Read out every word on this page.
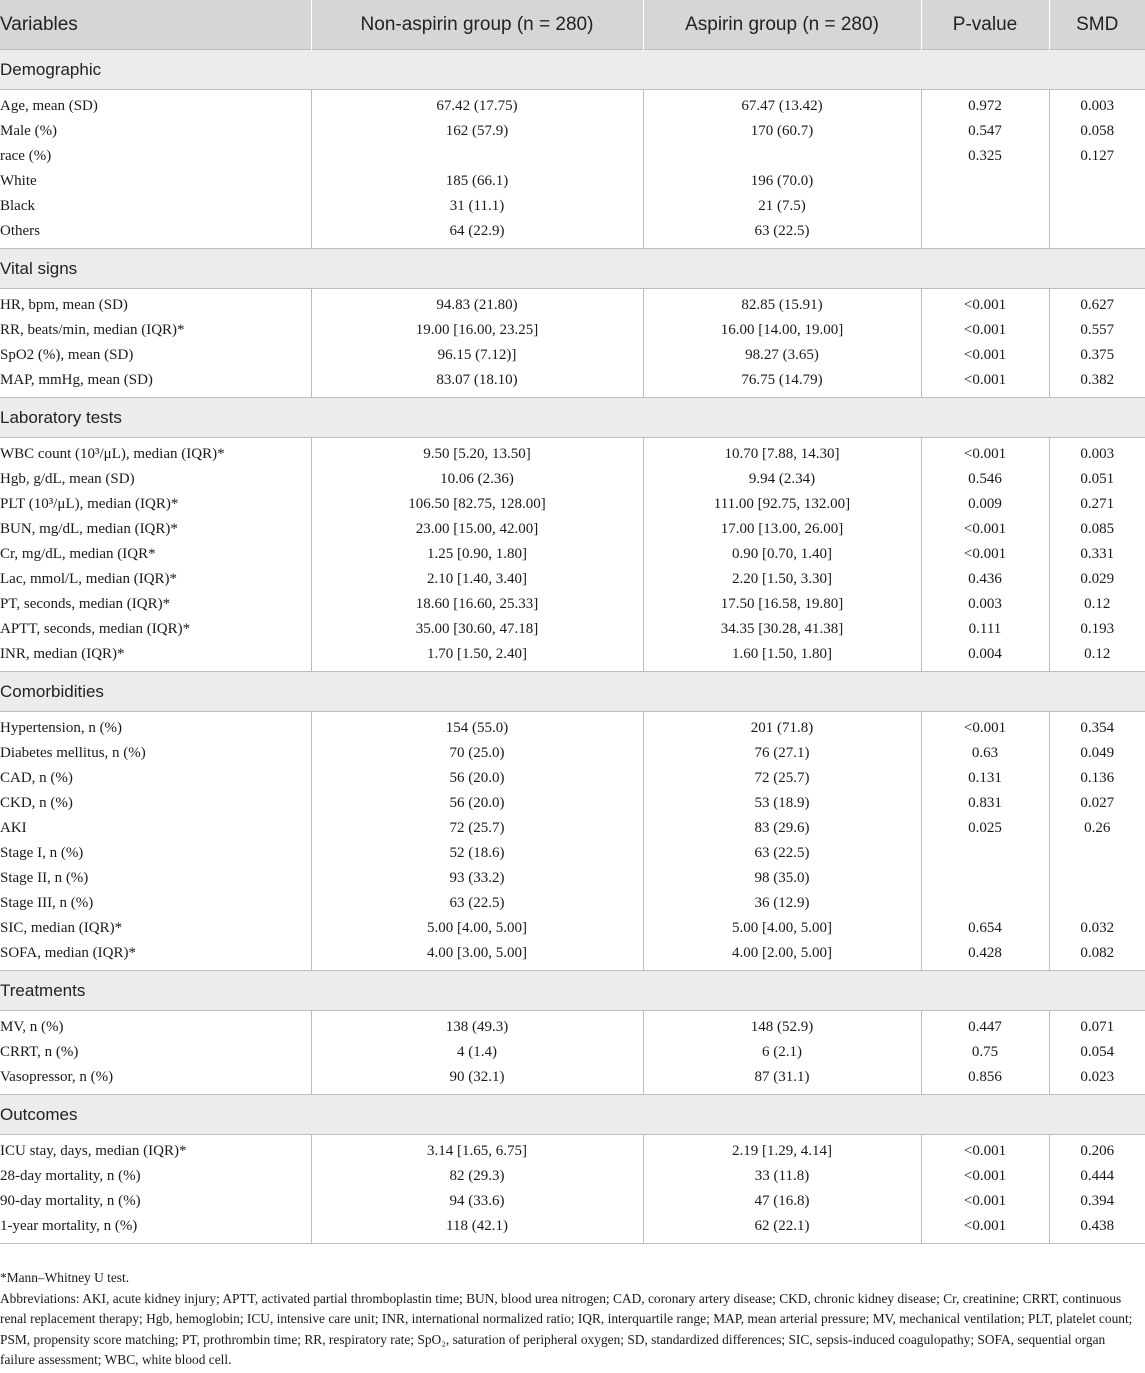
Variables	Non-aspirin group (n = 280)	Aspirin group (n = 280)	P-value	SMD
Demographic				

Age, mean (SD)	67.42 (17.75)	67.47 (13.42)	0.972	0.003
Male (%)	162 (57.9)	170 (60.7)	0.547	0.058
race (%)			0.325	0.127
White	185 (66.1)	196 (70.0)		
Black	31 (11.1)	21 (7.5)		
Others	64 (22.9)	63 (22.5)		

Vital signs				

HR, bpm, mean (SD)	94.83 (21.80)	82.85 (15.91)	<0.001	0.627
RR, beats/min, median (IQR)*	19.00 [16.00, 23.25]	16.00 [14.00, 19.00]	<0.001	0.557
SpO2 (%), mean (SD)	96.15 (7.12)]	98.27 (3.65)	<0.001	0.375
MAP, mmHg, mean (SD)	83.07 (18.10)	76.75 (14.79)	<0.001	0.382

Laboratory tests				

WBC count (10³/μL), median (IQR)*	9.50 [5.20, 13.50]	10.70 [7.88, 14.30]	<0.001	0.003
Hgb, g/dL, mean (SD)	10.06 (2.36)	9.94 (2.34)	0.546	0.051
PLT (10³/μL), median (IQR)*	106.50 [82.75, 128.00]	111.00 [92.75, 132.00]	0.009	0.271
BUN, mg/dL, median (IQR)*	23.00 [15.00, 42.00]	17.00 [13.00, 26.00]	<0.001	0.085
Cr, mg/dL, median (IQR*	1.25 [0.90, 1.80]	0.90 [0.70, 1.40]	<0.001	0.331
Lac, mmol/L, median (IQR)*	2.10 [1.40, 3.40]	2.20 [1.50, 3.30]	0.436	0.029
PT, seconds, median (IQR)*	18.60 [16.60, 25.33]	17.50 [16.58, 19.80]	0.003	0.12
APTT, seconds, median (IQR)*	35.00 [30.60, 47.18]	34.35 [30.28, 41.38]	0.111	0.193
INR, median (IQR)*	1.70 [1.50, 2.40]	1.60 [1.50, 1.80]	0.004	0.12

Comorbidities				

Hypertension, n (%)	154 (55.0)	201 (71.8)	<0.001	0.354
Diabetes mellitus, n (%)	70 (25.0)	76 (27.1)	0.63	0.049
CAD, n (%)	56 (20.0)	72 (25.7)	0.131	0.136
CKD, n (%)	56 (20.0)	53 (18.9)	0.831	0.027
AKI	72 (25.7)	83 (29.6)	0.025	0.26
Stage I, n (%)	52 (18.6)	63 (22.5)		
Stage II, n (%)	93 (33.2)	98 (35.0)		
Stage III, n (%)	63 (22.5)	36 (12.9)		
SIC, median (IQR)*	5.00 [4.00, 5.00]	5.00 [4.00, 5.00]	0.654	0.032
SOFA, median (IQR)*	4.00 [3.00, 5.00]	4.00 [2.00, 5.00]	0.428	0.082

Treatments				

MV, n (%)	138 (49.3)	148 (52.9)	0.447	0.071
CRRT, n (%)	4 (1.4)	6 (2.1)	0.75	0.054
Vasopressor, n (%)	90 (32.1)	87 (31.1)	0.856	0.023

Outcomes				

ICU stay, days, median (IQR)*	3.14 [1.65, 6.75]	2.19 [1.29, 4.14]	<0.001	0.206
28-day mortality, n (%)	82 (29.3)	33 (11.8)	<0.001	0.444
90-day mortality, n (%)	94 (33.6)	47 (16.8)	<0.001	0.394
1-year mortality, n (%)	118 (42.1)	62 (22.1)	<0.001	0.438

*Mann–Whitney U test.

Abbreviations: AKI, acute kidney injury; APTT, activated partial thromboplastin time; BUN, blood urea nitrogen; CAD, coronary artery disease; CKD, chronic kidney disease; Cr, creatinine; CRRT, continuous renal replacement therapy; Hgb, hemoglobin; ICU, intensive care unit; INR, international normalized ratio; IQR, interquartile range; MAP, mean arterial pressure; MV, mechanical ventilation; PLT, platelet count; PSM, propensity score matching; PT, prothrombin time; RR, respiratory rate; SpO₂, saturation of peripheral oxygen; SD, standardized differences; SIC, sepsis-induced coagulopathy; SOFA, sequential organ failure assessment; WBC, white blood cell.
